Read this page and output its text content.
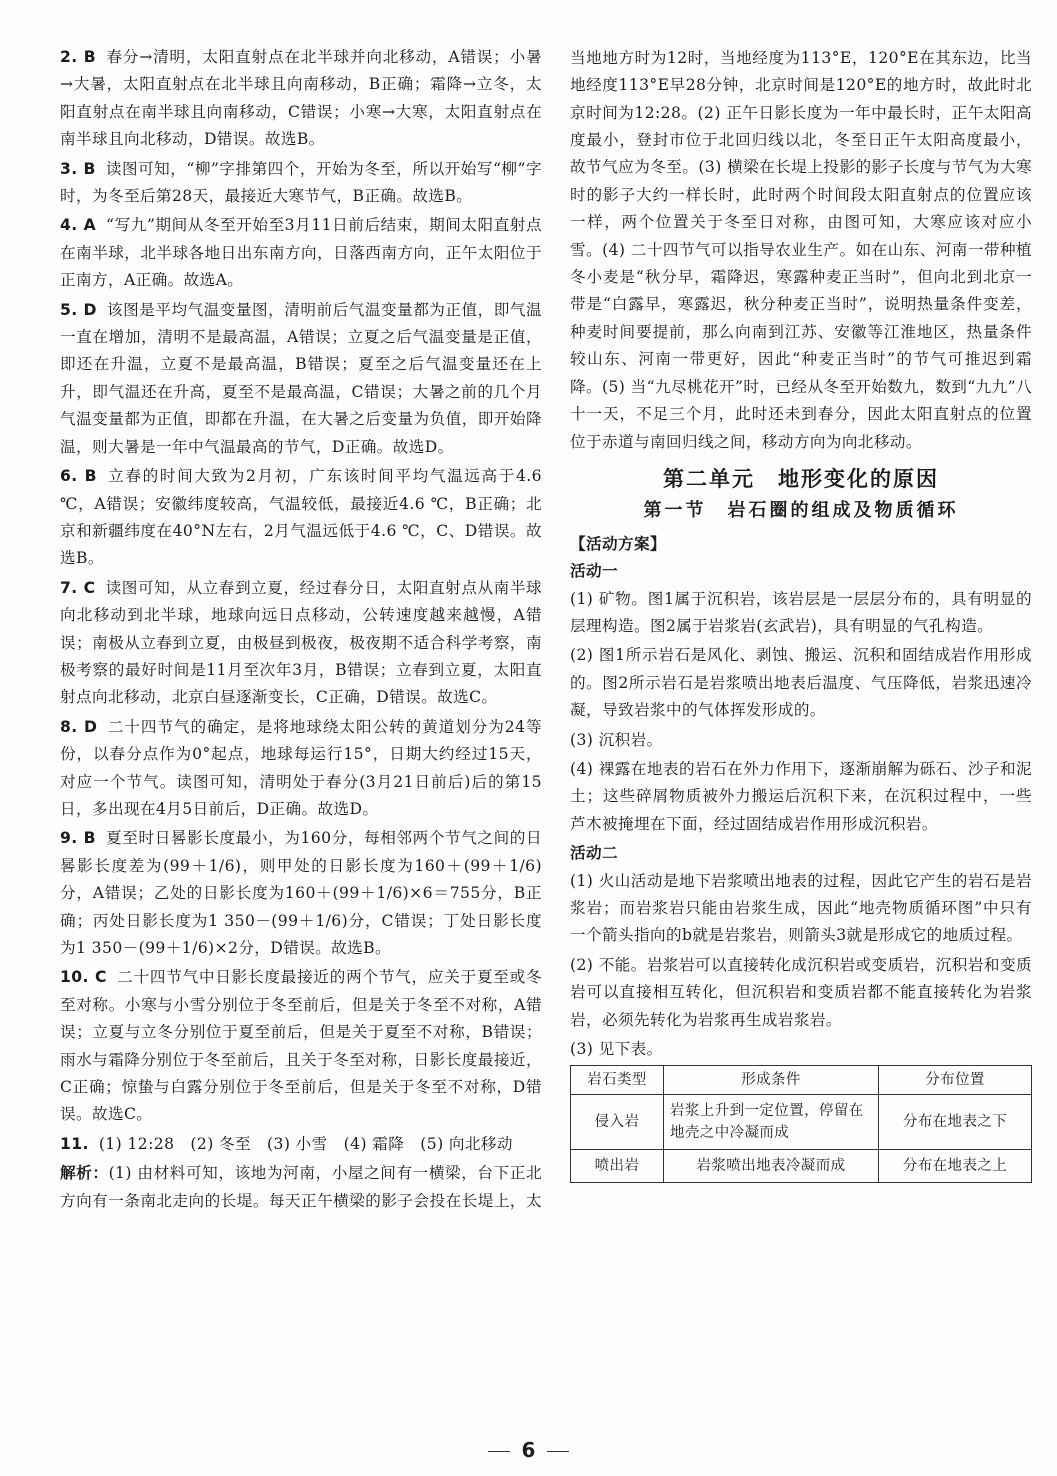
2. B 春分→清明，太阳直射点在北半球并向北移动，A错误；小暑→大暑，太阳直射点在北半球且向南移动，B正确；霜降→立冬，太阳直射点在南半球且向南移动，C错误；小寒→大寒，太阳直射点在南半球且向北移动，D错误。故选B。

3. B 读图可知，“柳”字排第四个，开始为冬至，所以开始写“柳”字时，为冬至后第28天，最接近大寒节气，B正确。故选B。

4. A “写九”期间从冬至开始至3月11日前后结束，期间太阳直射点在南半球，北半球各地日出东南方向，日落西南方向，正午太阳位于正南方，A正确。故选A。

5. D 该图是平均气温变量图，清明前后气温变量都为正值，即气温一直在增加，清明不是最高温，A错误；立夏之后气温变量是正值，即还在升温，立夏不是最高温，B错误；夏至之后气温变量还在上升，即气温还在升高，夏至不是最高温，C错误；大暑之前的几个月气温变量都为正值，即都在升温，在大暑之后变量为负值，即开始降温，则大暑是一年中气温最高的节气，D正确。故选D。

6. B 立春的时间大致为2月初，广东该时间平均气温远高于4.6 ℃，A错误；安徽纬度较高，气温较低，最接近4.6 ℃，B正确；北京和新疆纬度在40°N左右，2月气温远低于4.6 ℃，C、D错误。故选B。

7. C 读图可知，从立春到立夏，经过春分日，太阳直射点从南半球向北移动到北半球，地球向远日点移动，公转速度越来越慢，A错误；南极从立春到立夏，由极昼到极夜，极夜期不适合科学考察，南极考察的最好时间是11月至次年3月，B错误；立春到立夏，太阳直射点向北移动，北京白昼逐渐变长，C正确，D错误。故选C。

8. D 二十四节气的确定，是将地球绕太阳公转的黄道划分为24等份，以春分点作为0°起点，地球每运行15°，日期大约经过15天，对应一个节气。读图可知，清明处于春分(3月21日前后)后的第15日，多出现在4月5日前后，D正确。故选D。

9. B 夏至时日晷影长度最小，为160分，每相邻两个节气之间的日晷影长度差为(99＋1/6)，则甲处的日影长度为160＋(99＋1/6)分，A错误；乙处的日影长度为160＋(99＋1/6)×6＝755分，B正确；丙处日影长度为1 350－(99＋1/6)分，C错误；丁处日影长度为1 350－(99＋1/6)×2分，D错误。故选B。

10. C 二十四节气中日影长度最接近的两个节气，应关于夏至或冬至对称。小寒与小雪分别位于冬至前后，但是关于冬至不对称，A错误；立夏与立冬分别位于夏至前后，但是关于夏至不对称，B错误；雨水与霜降分别位于冬至前后，且关于冬至对称，日影长度最接近，C正确；惊蛰与白露分别位于冬至前后，但是关于冬至不对称，D错误。故选C。

11. (1) 12:28　(2) 冬至　(3) 小雪　(4) 霜降　(5) 向北移动

解析：(1) 由材料可知，该地为河南，小屋之间有一横梁，台下正北方向有一条南北走向的长堤。每天正午横梁的影子会投在长堤上，太

当地地方时为12时，当地经度为113°E，120°E在其东边，比当地经度113°E早28分钟，北京时间是120°E的地方时，故此时北京时间为12:28。(2) 正午日影长度为一年中最长时，正午太阳高度最小，登封市位于北回归线以北，冬至日正午太阳高度最小，故节气应为冬至。(3) 横梁在长堤上投影的影子长度与节气为大寒时的影子大约一样长时，此时两个时间段太阳直射点的位置应该一样，两个位置关于冬至日对称，由图可知，大寒应该对应小雪。(4) 二十四节气可以指导农业生产。如在山东、河南一带种植冬小麦是“秋分早，霜降迟，寒露种麦正当时”，但向北到北京一带是“白露早，寒露迟，秋分种麦正当时”，说明热量条件变差，种麦时间要提前，那么向南到江苏、安徽等江淮地区，热量条件较山东、河南一带更好，因此“种麦正当时”的节气可推迟到霜降。(5) 当“九尽桃花开”时，已经从冬至开始数九，数到“九九”八十一天，不足三个月，此时还未到春分，因此太阳直射点的位置位于赤道与南回归线之间，移动方向为向北移动。

第二单元　地形变化的原因
第一节　岩石圈的组成及物质循环
【活动方案】
活动一

(1) 矿物。图1属于沉积岩，该岩层是一层层分布的，具有明显的层理构造。图2属于岩浆岩(玄武岩)，具有明显的气孔构造。

(2) 图1所示岩石是风化、剥蚀、搬运、沉积和固结成岩作用形成的。图2所示岩石是岩浆喷出地表后温度、气压降低，岩浆迅速冷凝，导致岩浆中的气体挥发形成的。

(3) 沉积岩。

(4) 裸露在地表的岩石在外力作用下，逐渐崩解为砾石、沙子和泥土；这些碎屑物质被外力搬运后沉积下来，在沉积过程中，一些芦木被掩埋在下面，经过固结成岩作用形成沉积岩。

活动二

(1) 火山活动是地下岩浆喷出地表的过程，因此它产生的岩石是岩浆岩；而岩浆岩只能由岩浆生成，因此“地壳物质循环图”中只有一个箭头指向的b就是岩浆岩，则箭头3就是形成它的地质过程。

(2) 不能。岩浆岩可以直接转化成沉积岩或变质岩，沉积岩和变质岩可以直接相互转化，但沉积岩和变质岩都不能直接转化为岩浆岩，必须先转化为岩浆再生成岩浆岩。

(3) 见下表。

岩石类型	形成条件	分布位置
侵入岩	岩浆上升到一定位置，停留在地壳之中冷凝而成	分布在地表之下
喷出岩	岩浆喷出地表冷凝而成	分布在地表之上
6
